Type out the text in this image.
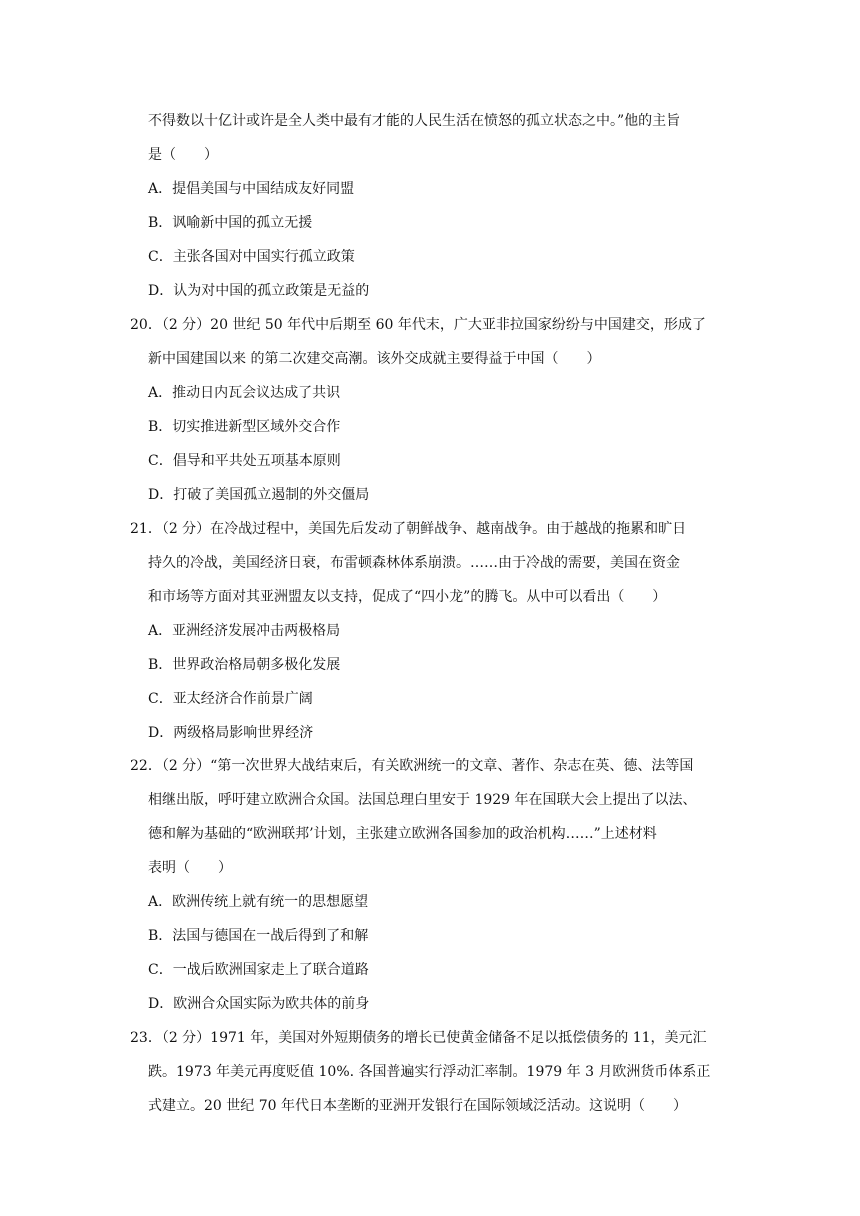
不得数以十亿计或许是全人类中最有才能的人民生活在愤怒的孤立状态之中。”他的主旨
是（　　）
A．提倡美国与中国结成友好同盟
B．讽喻新中国的孤立无援
C．主张各国对中国实行孤立政策
D．认为对中国的孤立政策是无益的
20．（2 分）20 世纪 50 年代中后期至 60 年代末，广大亚非拉国家纷纷与中国建交，形成了
新中国建国以来 的第二次建交高潮。该外交成就主要得益于中国（　　）
A．推动日内瓦会议达成了共识
B．切实推进新型区域外交合作
C．倡导和平共处五项基本原则
D．打破了美国孤立遏制的外交僵局
21．（2 分）在冷战过程中，美国先后发动了朝鲜战争、越南战争。由于越战的拖累和旷日
持久的冷战，美国经济日衰，布雷顿森林体系崩溃。……由于冷战的需要，美国在资金
和市场等方面对其亚洲盟友以支持，促成了“四小龙”的腾飞。从中可以看出（　　）
A．亚洲经济发展冲击两极格局
B．世界政治格局朝多极化发展
C．亚太经济合作前景广阔
D．两级格局影响世界经济
22．（2 分）“第一次世界大战结束后，有关欧洲统一的文章、著作、杂志在英、德、法等国
相继出版，呼吁建立欧洲合众国。法国总理白里安于 1929 年在国联大会上提出了以法、
德和解为基础的“欧洲联邦’计划，主张建立欧洲各国参加的政治机构……”上述材料
表明（　　）
A．欧洲传统上就有统一的思想愿望
B．法国与德国在一战后得到了和解
C．一战后欧洲国家走上了联合道路
D．欧洲合众国实际为欧共体的前身
23．（2 分）1971 年，美国对外短期债务的增长已使黄金储备不足以抵偿债务的 11，美元汇
跌。1973 年美元再度贬值 10%. 各国普遍实行浮动汇率制。1979 年 3 月欧洲货币体系正
式建立。20 世纪 70 年代日本垄断的亚洲开发银行在国际领域泛活动。这说明（　　）
